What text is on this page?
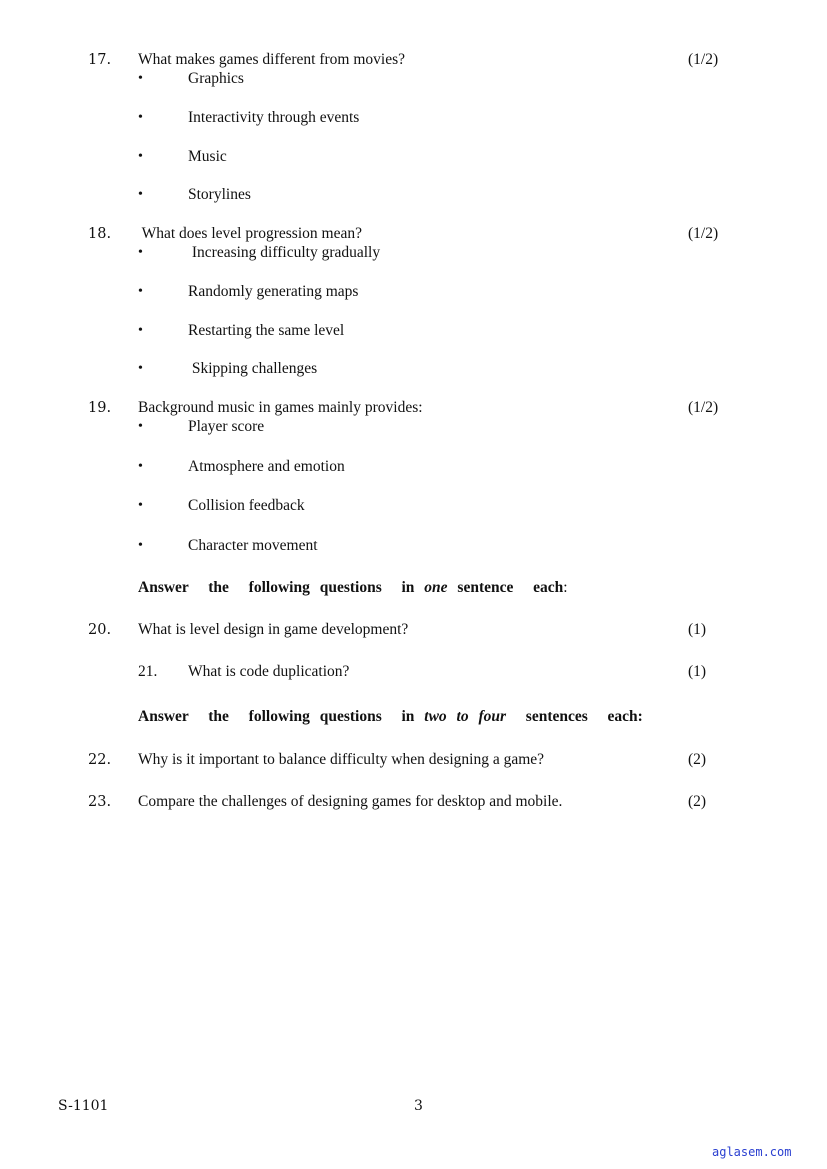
17. What makes games different from movies?	(1/2)
•	Graphics
•	Interactivity through events
•	Music
•	Storylines
18. What does level progression mean?	(1/2)
•	Increasing difficulty gradually
•	Randomly generating maps
•	Restarting the same level
•	Skipping challenges
19. Background music in games mainly provides:	(1/2)
•	Player score
•	Atmosphere and emotion
•	Collision feedback
•	Character movement
Answer  the  following questions  in one sentence  each:
20. What is level design in game development?	(1)
21. What is code duplication?	(1)
Answer  the  following questions  in two to four  sentences  each:
22. Why is it important to balance difficulty when designing a game?	(2)
23. Compare the challenges of designing games for desktop and mobile.	(2)
S-1101	3
aglasem.com
